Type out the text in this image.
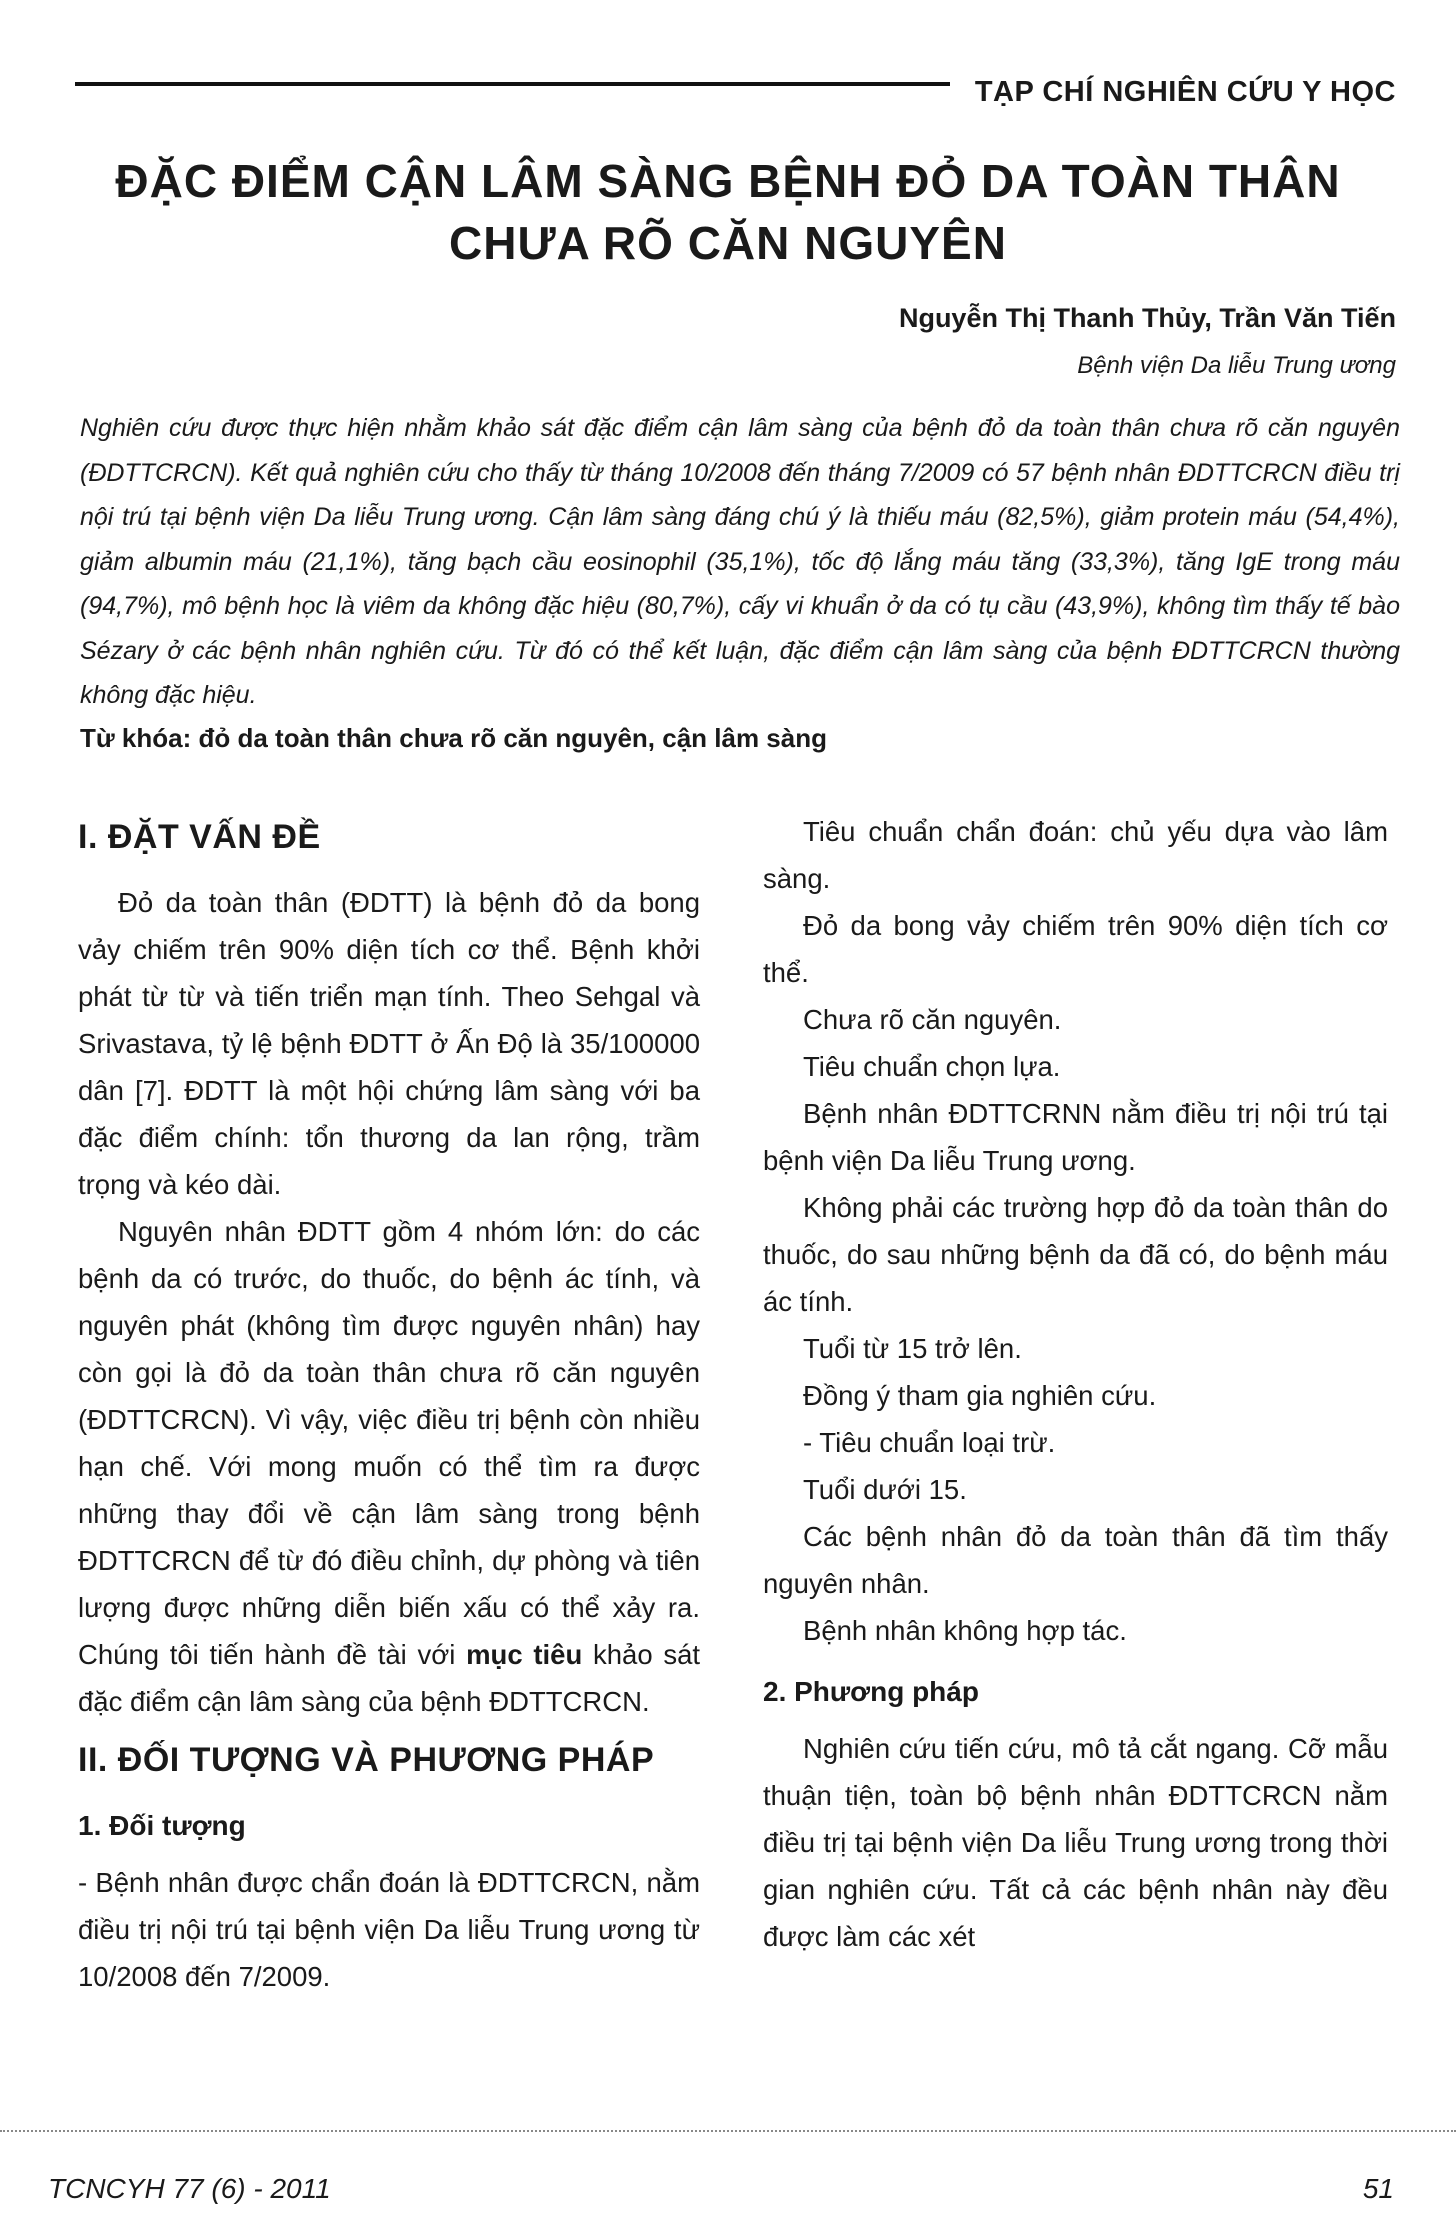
TẠP CHÍ NGHIÊN CỨU Y HỌC
ĐẶC ĐIỂM CẬN LÂM SÀNG BỆNH ĐỎ DA TOÀN THÂN
CHƯA RÕ CĂN NGUYÊN
Nguyễn Thị Thanh Thủy, Trần Văn Tiến
Bệnh viện Da liễu Trung ương
Nghiên cứu được thực hiện nhằm khảo sát đặc điểm cận lâm sàng của bệnh đỏ da toàn thân chưa rõ căn nguyên (ĐDTTCRCN). Kết quả nghiên cứu cho thấy từ tháng 10/2008 đến tháng 7/2009 có 57 bệnh nhân ĐDTTCRCN điều trị nội trú tại bệnh viện Da liễu Trung ương. Cận lâm sàng đáng chú ý là thiếu máu (82,5%), giảm protein máu (54,4%), giảm albumin máu (21,1%), tăng bạch cầu eosinophil (35,1%), tốc độ lắng máu tăng (33,3%), tăng IgE trong máu (94,7%), mô bệnh học là viêm da không đặc hiệu (80,7%), cấy vi khuẩn ở da có tụ cầu (43,9%), không tìm thấy tế bào Sézary ở các bệnh nhân nghiên cứu. Từ đó có thể kết luận, đặc điểm cận lâm sàng của bệnh ĐDTTCRCN thường không đặc hiệu.
Từ khóa: đỏ da toàn thân chưa rõ căn nguyên, cận lâm sàng
I. ĐẶT VẤN ĐỀ

Đỏ da toàn thân (ĐDTT) là bệnh đỏ da bong vảy chiếm trên 90% diện tích cơ thể. Bệnh khởi phát từ từ và tiến triển mạn tính. Theo Sehgal và Srivastava, tỷ lệ bệnh ĐDTT ở Ấn Độ là 35/100000 dân [7]. ĐDTT là một hội chứng lâm sàng với ba đặc điểm chính: tổn thương da lan rộng, trầm trọng và kéo dài.

Nguyên nhân ĐDTT gồm 4 nhóm lớn: do các bệnh da có trước, do thuốc, do bệnh ác tính, và nguyên phát (không tìm được nguyên nhân) hay còn gọi là đỏ da toàn thân chưa rõ căn nguyên (ĐDTTCRCN). Vì vậy, việc điều trị bệnh còn nhiều hạn chế. Với mong muốn có thể tìm ra được những thay đổi về cận lâm sàng trong bệnh ĐDTTCRCN để từ đó điều chỉnh, dự phòng và tiên lượng được những diễn biến xấu có thể xảy ra. Chúng tôi tiến hành đề tài với mục tiêu khảo sát đặc điểm cận lâm sàng của bệnh ĐDTTCRCN.

II. ĐỐI TƯỢNG VÀ PHƯƠNG PHÁP
1. Đối tượng

- Bệnh nhân được chẩn đoán là ĐDTTCRCN, nằm điều trị nội trú tại bệnh viện Da liễu Trung ương từ 10/2008 đến 7/2009.

Tiêu chuẩn chẩn đoán: chủ yếu dựa vào lâm sàng.

Đỏ da bong vảy chiếm trên 90% diện tích cơ thể.

Chưa rõ căn nguyên.

Tiêu chuẩn chọn lựa.

Bệnh nhân ĐDTTCRNN nằm điều trị nội trú tại bệnh viện Da liễu Trung ương.

Không phải các trường hợp đỏ da toàn thân do thuốc, do sau những bệnh da đã có, do bệnh máu ác tính.

Tuổi từ 15 trở lên.

Đồng ý tham gia nghiên cứu.

- Tiêu chuẩn loại trừ.

Tuổi dưới 15.

Các bệnh nhân đỏ da toàn thân đã tìm thấy nguyên nhân.

Bệnh nhân không hợp tác.

2. Phương pháp

Nghiên cứu tiến cứu, mô tả cắt ngang. Cỡ mẫu thuận tiện, toàn bộ bệnh nhân ĐDTTCRCN nằm điều trị tại bệnh viện Da liễu Trung ương trong thời gian nghiên cứu. Tất cả các bệnh nhân này đều được làm các xét

TCNCYH 77 (6) - 2011	51
